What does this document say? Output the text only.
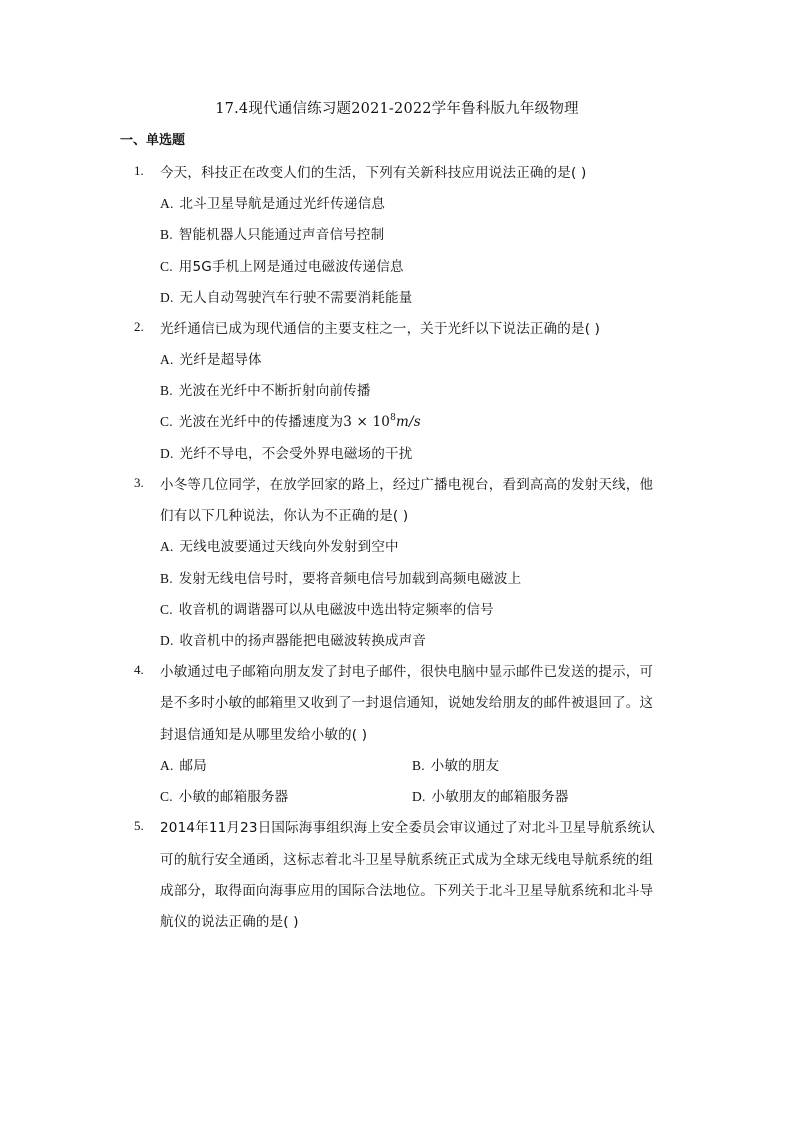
17.4现代通信练习题2021-2022学年鲁科版九年级物理
一、单选题
1. 今天，科技正在改变人们的生活，下列有关新科技应用说法正确的是( )
A. 北斗卫星导航是通过光纤传递信息
B. 智能机器人只能通过声音信号控制
C. 用5G手机上网是通过电磁波传递信息
D. 无人自动驾驶汽车行驶不需要消耗能量
2. 光纤通信已成为现代通信的主要支柱之一，关于光纤以下说法正确的是( )
A. 光纤是超导体
B. 光波在光纤中不断折射向前传播
C. 光波在光纤中的传播速度为$3 \times 10^8m/s$
D. 光纤不导电，不会受外界电磁场的干扰
3. 小冬等几位同学，在放学回家的路上，经过广播电视台，看到高高的发射天线，他
们有以下几种说法，你认为不正确的是( )
A. 无线电波要通过天线向外发射到空中
B. 发射无线电信号时，要将音频电信号加载到高频电磁波上
C. 收音机的调谐器可以从电磁波中选出特定频率的信号
D. 收音机中的扬声器能把电磁波转换成声音
4. 小敏通过电子邮箱向朋友发了封电子邮件，很快电脑中显示邮件已发送的提示，可
是不多时小敏的邮箱里又收到了一封退信通知，说她发给朋友的邮件被退回了。这
封退信通知是从哪里发给小敏的( )
A. 邮局	B. 小敏的朋友
C. 小敏的邮箱服务器	D. 小敏朋友的邮箱服务器
5. 2014年11月23日国际海事组织海上安全委员会审议通过了对北斗卫星导航系统认
可的航行安全通函，这标志着北斗卫星导航系统正式成为全球无线电导航系统的组
成部分，取得面向海事应用的国际合法地位。下列关于北斗卫星导航系统和北斗导
航仪的说法正确的是( )
